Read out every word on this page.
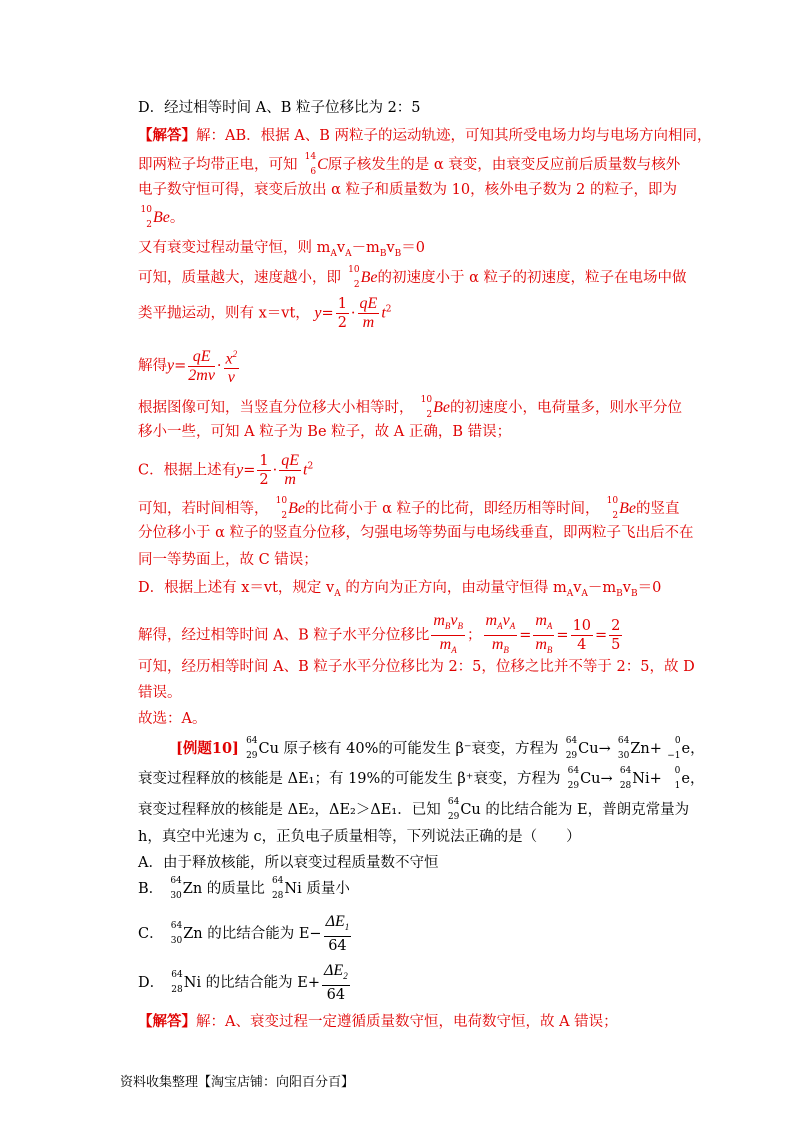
D．经过相等时间 A、B 粒子位移比为 2：5
【解答】解：AB．根据 A、B 两粒子的运动轨迹，可知其所受电场力均与电场方向相同，
即两粒子均带正电，可知 14
6 C原子核发生的是 α 衰变，由衰变反应前后质量数与核外
电子数守恒可得，衰变后放出 α 粒子和质量数为 10，核外电子数为 2 的粒子，即为
10
2 Be。
又有衰变过程动量守恒，则 $m_Av_A-m_Bv_B=0$
可知，质量越大，速度越小，即 10
2 Be的初速度小于 α 粒子的初速度，粒子在电场中做
类平抛运动，则有 x＝vt， $y= \frac{1}{2} \cdot \frac{qE}{m} t^2$
解得$y= \frac{qE}{2mv} \cdot \frac{x^2}{v}$
根据图像可知，当竖直分位移大小相等时， 10
2 Be的初速度小，电荷量多，则水平分位
移小一些，可知 A 粒子为 Be 粒子，故 A 正确，B 错误；
C．根据上述有$y= \frac{1}{2} \cdot \frac{qE}{m} t^2$
可知，若时间相等， 10
2 Be的比荷小于 α 粒子的比荷，即经历相等时间， 10
2 Be的竖直
分位移小于 α 粒子的竖直分位移，匀强电场等势面与电场线垂直，即两粒子飞出后不在
同一等势面上，故 C 错误；
D．根据上述有 x＝vt，规定 $v_A$ 的方向为正方向，由动量守恒得 $m_Av_A-m_Bv_B=0$
解得，经过相等时间 A、B 粒子水平分位移比 $\frac{m_Bv_B}{m_A}$ ； $\frac{m_Av_A}{m_B} = \frac{m_A}{m_B} = \frac{10}{4} = \frac{2}{5}$
可知，经历相等时间 A、B 粒子水平分位移比为 2：5，位移之比并不等于 2：5，故 D
错误。
故选：A。
[例题10] 64
29 Cu 原子核有 40%的可能发生 β⁻衰变，方程为 64
29 Cu→ 64
30 Zn+ 0
−1 e，
衰变过程释放的核能是 ΔE₁；有 19%的可能发生 β⁺衰变，方程为 64
29 Cu→ 64
28 Ni+ 0
1 e，
衰变过程释放的核能是 ΔE₂，ΔE₂＞ΔE₁．已知 64
29 Cu 的比结合能为 E，普朗克常量为
h，真空中光速为 c，正负电子质量相等，下列说法正确的是（　　）
A．由于释放核能，所以衰变过程质量数不守恒
B． 64
30 Zn 的质量比 64
28 Ni 质量小
C． 64
30 Zn 的比结合能为 $E- \frac{\Delta E_1}{64}$
D． 64
28 Ni 的比结合能为 $E+ \frac{\Delta E_2}{64}$
【解答】解：A、衰变过程一定遵循质量数守恒，电荷数守恒，故 A 错误；
资料收集整理【淘宝店铺：向阳百分百】
